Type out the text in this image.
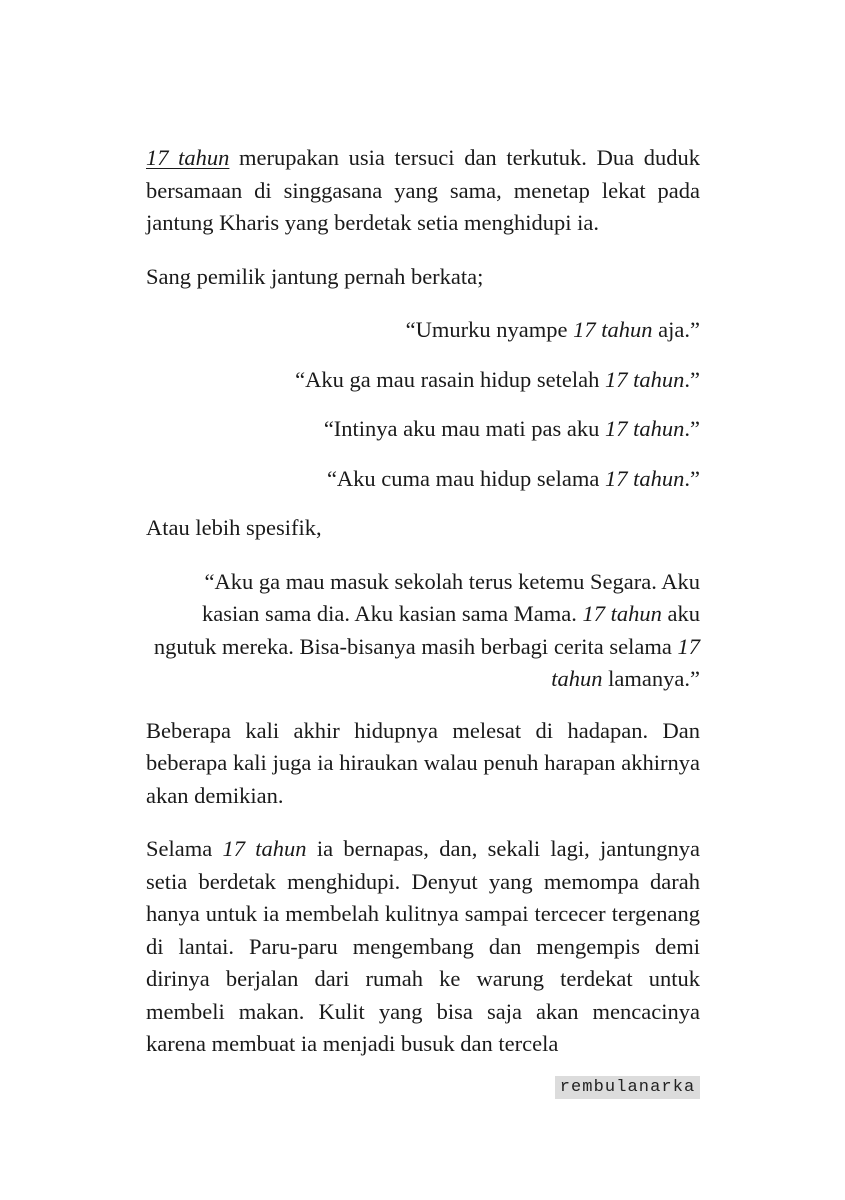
17 tahun merupakan usia tersuci dan terkutuk. Dua duduk bersamaan di singgasana yang sama, menetap lekat pada jantung Kharis yang berdetak setia menghidupi ia.

Sang pemilik jantung pernah berkata;

“Umurku nyampe 17 tahun aja.”

“Aku ga mau rasain hidup setelah 17 tahun.”

“Intinya aku mau mati pas aku 17 tahun.”

“Aku cuma mau hidup selama 17 tahun.”

Atau lebih spesifik,

“Aku ga mau masuk sekolah terus ketemu Segara. Aku kasian sama dia. Aku kasian sama Mama. 17 tahun aku ngutuk mereka. Bisa-bisanya masih berbagi cerita selama 17 tahun lamanya.”

Beberapa kali akhir hidupnya melesat di hadapan. Dan beberapa kali juga ia hiraukan walau penuh harapan akhirnya akan demikian.

Selama 17 tahun ia bernapas, dan, sekali lagi, jantungnya setia berdetak menghidupi. Denyut yang memompa darah hanya untuk ia membelah kulitnya sampai tercecer tergenang di lantai. Paru-paru mengembang dan mengempis demi dirinya berjalan dari rumah ke warung terdekat untuk membeli makan. Kulit yang bisa saja akan mencacinya karena membuat ia menjadi busuk dan tercela

rembulanarka
